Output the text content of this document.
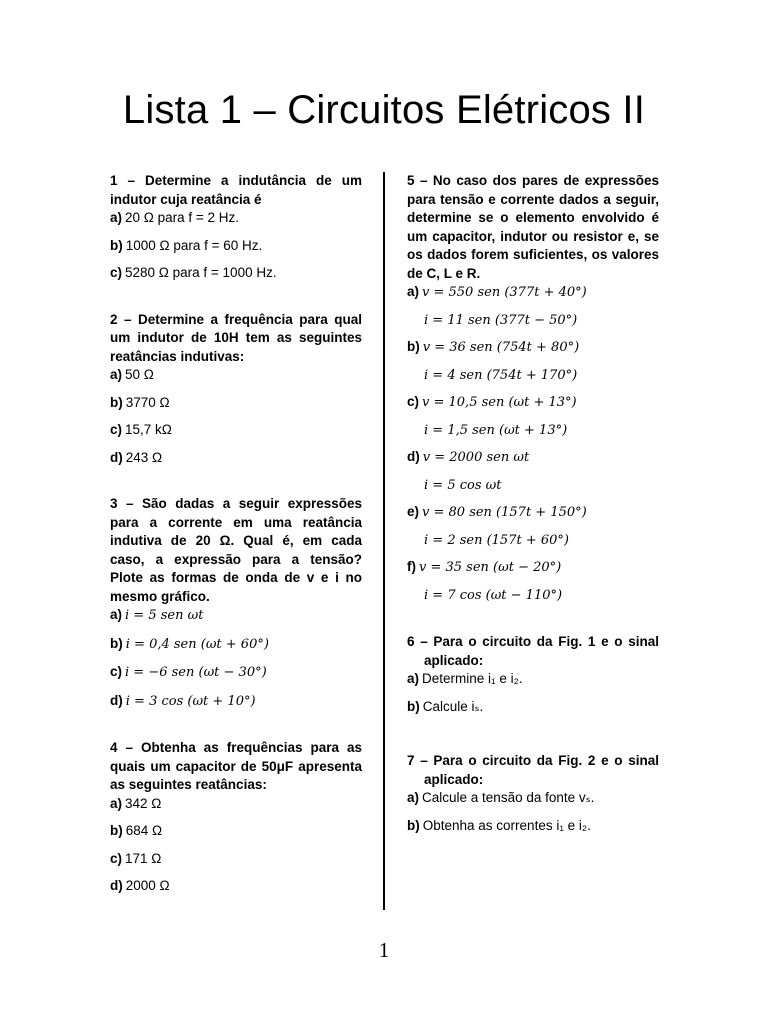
Lista 1 – Circuitos Elétricos II

1 – Determine a indutância de um indutor cuja reatância é

a) 20 Ω para f = 2 Hz.

b) 1000 Ω para f = 60 Hz.

c) 5280 Ω para f = 1000 Hz.

2 – Determine a frequência para qual um indutor de 10H tem as seguintes reatâncias indutivas:

a) 50 Ω

b) 3770 Ω

c) 15,7 kΩ

d) 243 Ω

3 – São dadas a seguir expressões para a corrente em uma reatância indutiva de 20 Ω. Qual é, em cada caso, a expressão para a tensão? Plote as formas de onda de v e i no mesmo gráfico.

a) i = 5 sen ωt

b) i = 0,4 sen (ωt + 60°)

c) i = −6 sen (ωt − 30°)

d) i = 3 cos (ωt + 10°)

4 – Obtenha as frequências para as quais um capacitor de 50μF apresenta as seguintes reatâncias:

a) 342 Ω

b) 684 Ω

c) 171 Ω

d) 2000 Ω

5 – No caso dos pares de expressões para tensão e corrente dados a seguir, determine se o elemento envolvido é um capacitor, indutor ou resistor e, se os dados forem suficientes, os valores de C, L e R.

a) v = 550 sen (377t + 40°)

i = 11 sen (377t − 50°)

b) v = 36 sen (754t + 80°)

i = 4 sen (754t + 170°)

c) v = 10,5 sen (ωt + 13°)

i = 1,5 sen (ωt + 13°)

d) v = 2000 sen ωt

i = 5 cos ωt

e) v = 80 sen (157t + 150°)

i = 2 sen (157t + 60°)

f) v = 35 sen (ωt − 20°)

i = 7 cos (ωt − 110°)

6 – Para o circuito da Fig. 1 e o sinal aplicado:

a) Determine i₁ e i₂.

b) Calcule iₛ.

7 – Para o circuito da Fig. 2 e o sinal aplicado:

a) Calcule a tensão da fonte vₛ.

b) Obtenha as correntes i₁ e i₂.

1
